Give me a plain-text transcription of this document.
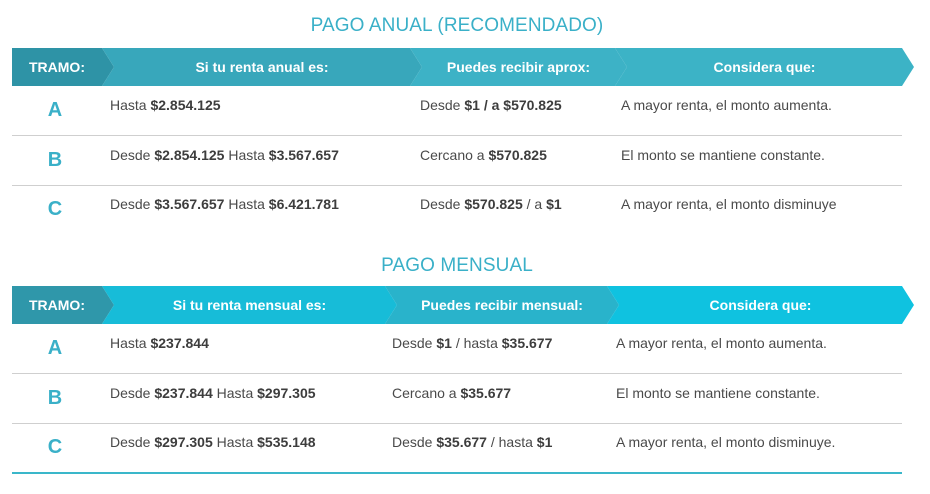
PAGO ANUAL (RECOMENDADO)
TRAMO:	Si tu renta anual es:	Puedes recibir aprox:	Considera que:
A	Hasta $2.854.125	Desde $1 / a $570.825	A mayor renta, el monto aumenta.
B	Desde $2.854.125 Hasta $3.567.657	Cercano a $570.825	El monto se mantiene constante.
C	Desde $3.567.657 Hasta $6.421.781	Desde $570.825 / a $1	A mayor renta, el monto disminuye
PAGO MENSUAL
TRAMO:	Si tu renta mensual es:	Puedes recibir mensual:	Considera que:
A	Hasta $237.844	Desde $1 / hasta $35.677	A mayor renta, el monto aumenta.
B	Desde $237.844 Hasta $297.305	Cercano a $35.677	El monto se mantiene constante.
C	Desde $297.305 Hasta $535.148	Desde $35.677 / hasta $1	A mayor renta, el monto disminuye.
